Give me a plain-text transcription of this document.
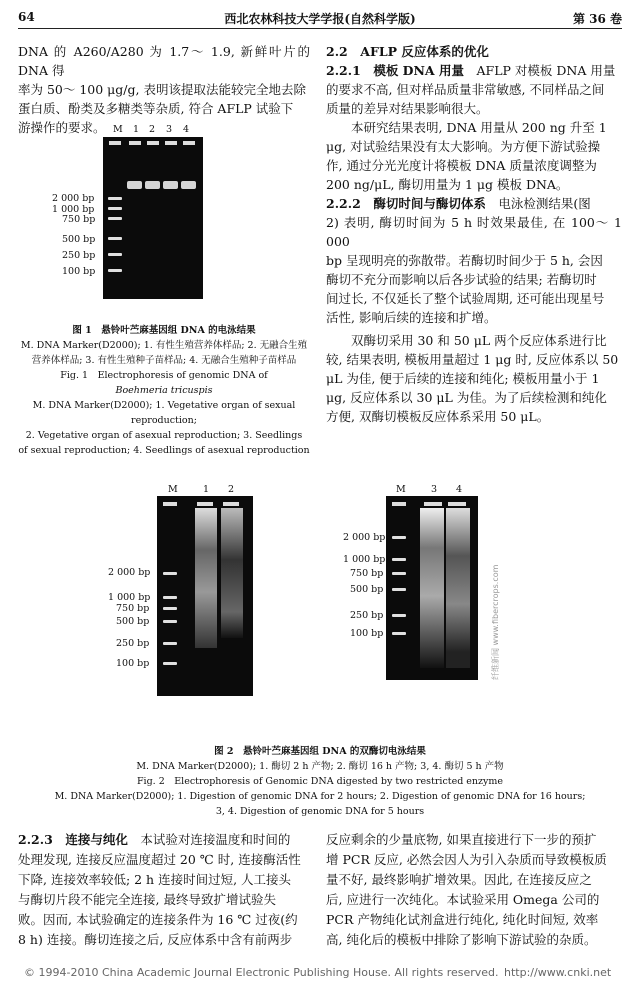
64	西北农林科技大学学报(自然科学版)	第 36 卷

DNA 的 A260/A280 为 1.7～ 1.9, 新鲜叶片的 DNA 得

率为 50～ 100 μg/g, 表明该提取法能较完全地去除

蛋白质、酚类及多糖类等杂质, 符合 AFLP 试验下

游操作的要求。 M 1 2 3 4
2 000 bp
1 000 bp
750 bp
500 bp
250 bp
100 bp
图 1　悬铃叶苎麻基因组 DNA 的电泳结果
M. DNA Marker(D2000); 1. 有性生殖营养体样品; 2. 无融合生殖
营养体样品; 3. 有性生殖种子苗样品; 4. 无融合生殖种子苗样品
Fig. 1　Electrophoresis of genomic DNA of
Boehmeria tricuspis
M. DNA Marker(D2000); 1. Vegetative organ of sexual reproduction;
2. Vegetative organ of asexual reproduction; 3. Seedlings
of sexual reproduction; 4. Seedlings of asexual reproduction

2.2　AFLP 反应体系的优化

2.2.1　 模板 DNA 用量　 AFLP 对模板 DNA 用量

的要求不高, 但对样品质量非常敏感, 不同样品之间

质量的差异对结果影响很大。

本研究结果表明, DNA 用量从 200 ng 升至 1

μg, 对试验结果没有太大影响。为方便下游试验操

作, 通过分光光度计将模板 DNA 质量浓度调整为

200 ng/μL, 酶切用量为 1 μg 模板 DNA。

2.2.2　 酶切时间与酶切体系　 电泳检测结果(图

2) 表明, 酶切时间为 5 h 时效果最佳, 在 100～ 1 000

bp 呈现明亮的弥散带。若酶切时间少于 5 h, 会因

酶切不充分而影响以后各步试验的结果; 若酶切时

间过长, 不仅延长了整个试验周期, 还可能出现星号

活性, 影响后续的连接和扩增。

双酶切采用 30 和 50 μL 两个反应体系进行比

较, 结果表明, 模板用量超过 1 μg 时, 反应体系以 50

μL 为佳, 便于后续的连接和纯化; 模板用量小于 1

μg, 反应体系以 30 μL 为佳。为了后续检测和纯化

方便, 双酶切模板反应体系采用 50 μL。

M	1 2
2 000 bp
1 000 bp
750 bp
500 bp
250 bp
100 bp
M	3 4
2 000 bp
1 000 bp
750 bp
500 bp
250 bp
100 bp	纤维新闻 www.fibercrops.com
图 2　悬铃叶苎麻基因组 DNA 的双酶切电泳结果
M. DNA Marker(D2000); 1. 酶切 2 h 产物; 2. 酶切 16 h 产物; 3, 4. 酶切 5 h 产物
Fig. 2　Electrophoresis of Genomic DNA digested by two restricted enzyme
M. DNA Marker(D2000); 1. Digestion of genomic DNA for 2 hours; 2. Digestion of genomic DNA for 16 hours;
3, 4. Digestion of genomic DNA for 5 hours

2.2.3　 连接与纯化　 本试验对连接温度和时间的

处理发现, 连接反应温度超过 20 ℃ 时, 连接酶活性

下降, 连接效率较低; 2 h 连接时间过短, 人工接头

与酶切片段不能完全连接, 最终导致扩增试验失

败。因而, 本试验确定的连接条件为 16 ℃ 过夜(约

8 h) 连接。酶切连接之后, 反应体系中含有前两步

反应剩余的少量底物, 如果直接进行下一步的预扩

增 PCR 反应, 必然会因人为引入杂质而导致模板质

量不好, 最终影响扩增效果。因此, 在连接反应之

后, 应进行一次纯化。本试验采用 Omega 公司的

PCR 产物纯化试剂盒进行纯化, 纯化时间短, 效率

高, 纯化后的模板中排除了影响下游试验的杂质。

© 1994-2010 China Academic Journal Electronic Publishing House. All rights reserved. http://www.cnki.net
